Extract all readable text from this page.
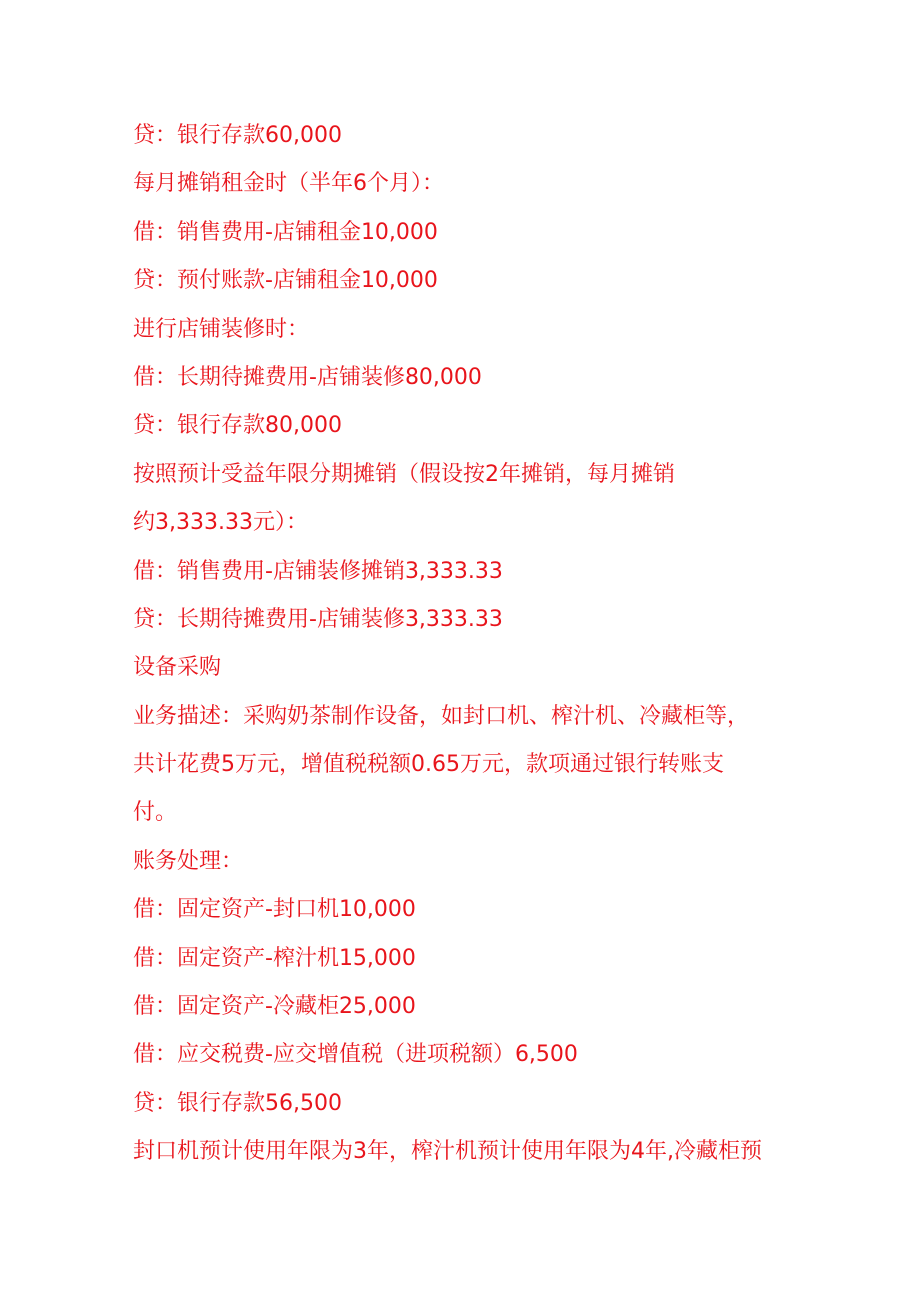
贷：银行存款60,000
每月摊销租金时（半年6个月）：
借：销售费用-店铺租金10,000
贷：预付账款-店铺租金10,000
进行店铺装修时：
借：长期待摊费用-店铺装修80,000
贷：银行存款80,000
按照预计受益年限分期摊销（假设按2年摊销，每月摊销
约3,333.33元）：
借：销售费用-店铺装修摊销3,333.33
贷：长期待摊费用-店铺装修3,333.33
设备采购
业务描述：采购奶茶制作设备，如封口机、榨汁机、冷藏柜等，
共计花费5万元，增值税税额0.65万元，款项通过银行转账支
付。
账务处理：
借：固定资产-封口机10,000
借：固定资产-榨汁机15,000
借：固定资产-冷藏柜25,000
借：应交税费-应交增值税（进项税额）6,500
贷：银行存款56,500
封口机预计使用年限为3年，榨汁机预计使用年限为4年,冷藏柜预
